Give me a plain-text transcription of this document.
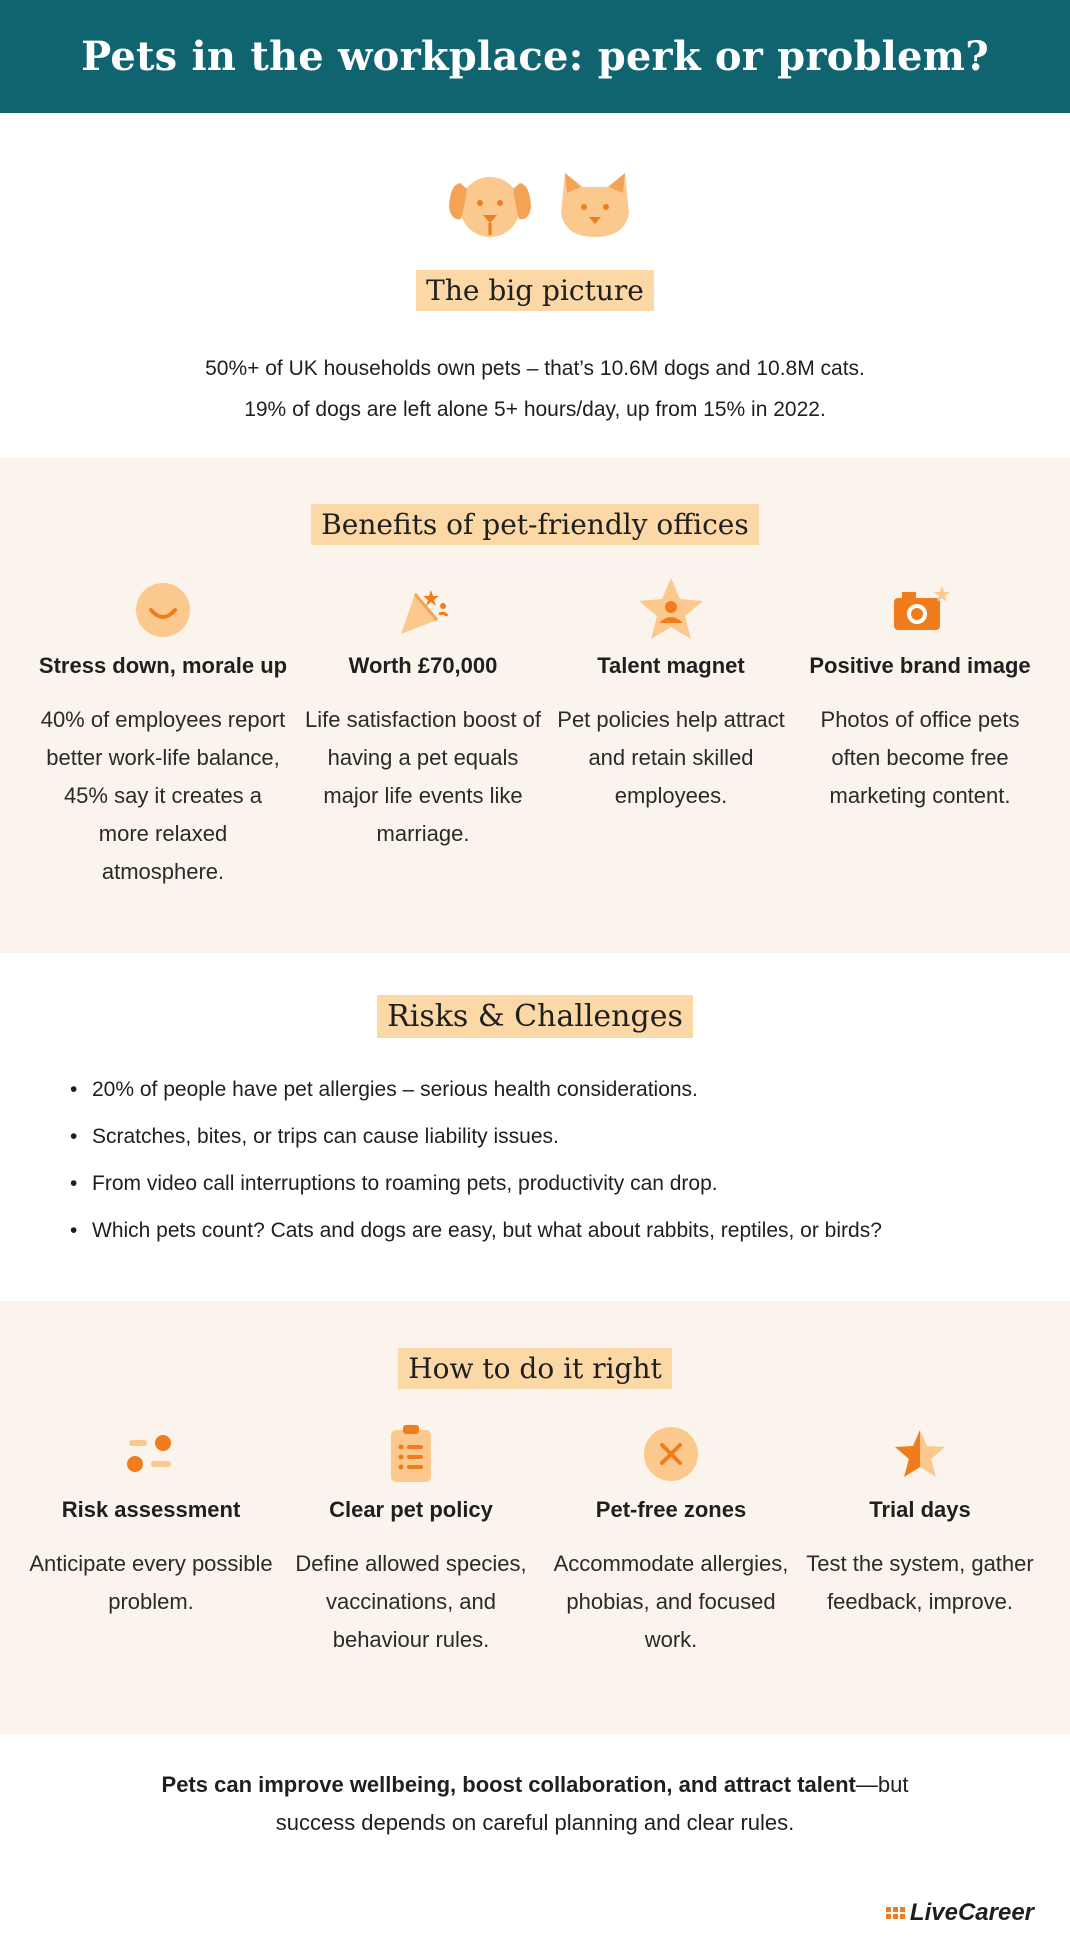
Pets in the workplace: perk or problem?
The big picture
50%+ of UK households own pets – that’s 10.6M dogs and 10.8M cats.
19% of dogs are left alone 5+ hours/day, up from 15% in 2022.
Benefits of pet-friendly offices
Stress down, morale up
40% of employees report better work-life balance, 45% say it creates a more relaxed atmosphere.
Worth £70,000
Life satisfaction boost of having a pet equals major life events like marriage.
Talent magnet
Pet policies help attract and retain skilled employees.
Positive brand image
Photos of office pets often become free marketing content.
Risks & Challenges
• 20% of people have pet allergies – serious health considerations.
• Scratches, bites, or trips can cause liability issues.
• From video call interruptions to roaming pets, productivity can drop.
• Which pets count? Cats and dogs are easy, but what about rabbits, reptiles, or birds?
How to do it right
Risk assessment
Anticipate every possible problem.
Clear pet policy
Define allowed species, vaccinations, and behaviour rules.
Pet-free zones
Accommodate allergies, phobias, and focused work.
Trial days
Test the system, gather feedback, improve.
Pets can improve wellbeing, boost collaboration, and attract talent—but success depends on careful planning and clear rules.
LiveCareer
